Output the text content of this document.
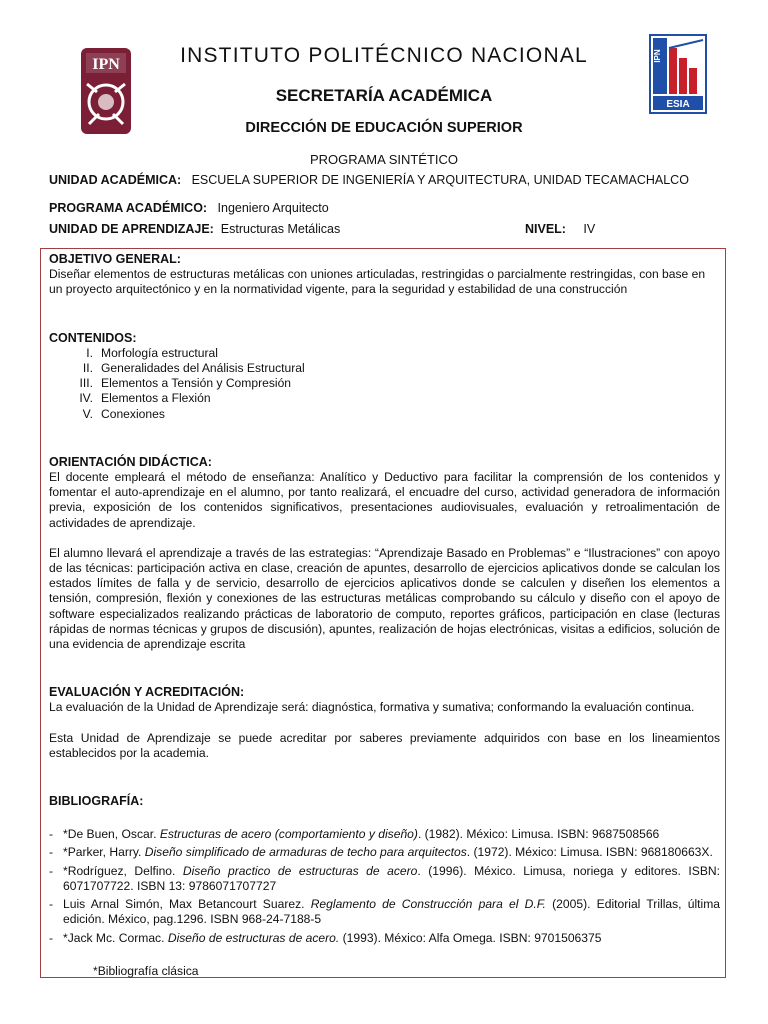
IPN	IPN
ESIA
INSTITUTO POLITÉCNICO NACIONAL
SECRETARÍA ACADÉMICA
DIRECCIÓN DE EDUCACIÓN SUPERIOR
PROGRAMA SINTÉTICO
UNIDAD ACADÉMICA: ESCUELA SUPERIOR DE INGENIERÍA Y ARQUITECTURA, UNIDAD TECAMACHALCO
PROGRAMA ACADÉMICO: Ingeniero Arquitecto
UNIDAD DE APRENDIZAJE: Estructuras Metálicas	NIVEL: IV
OBJETIVO GENERAL:
Diseñar elementos de estructuras metálicas con uniones articuladas, restringidas o parcialmente restringidas, con base en un proyecto arquitectónico y en la normatividad vigente, para la seguridad y estabilidad de una construcción
CONTENIDOS:
I. Morfología estructural
II. Generalidades del Análisis Estructural
III. Elementos a Tensión y Compresión
IV. Elementos a Flexión
V. Conexiones
ORIENTACIÓN DIDÁCTICA:
El docente empleará el método de enseñanza: Analítico y Deductivo para facilitar la comprensión de los contenidos y fomentar el auto-aprendizaje en el alumno, por tanto realizará, el encuadre del curso, actividad generadora de información previa, exposición de los contenidos significativos, presentaciones audiovisuales, evaluación y retroalimentación de actividades de aprendizaje.
El alumno llevará el aprendizaje a través de las estrategias: “Aprendizaje Basado en Problemas” e “Ilustraciones” con apoyo de las técnicas: participación activa en clase, creación de apuntes, desarrollo de ejercicios aplicativos donde se calculan los estados límites de falla y de servicio, desarrollo de ejercicios aplicativos donde se calculen y diseñen los elementos a tensión, compresión, flexión y conexiones de las estructuras metálicas comprobando su cálculo y diseño con el apoyo de software especializados realizando prácticas de laboratorio de computo, reportes gráficos, participación en clase (lecturas rápidas de normas técnicas y grupos de discusión), apuntes, realización de hojas electrónicas, visitas a edificios, solución de una evidencia de aprendizaje escrita
EVALUACIÓN Y ACREDITACIÓN:
La evaluación de la Unidad de Aprendizaje será: diagnóstica, formativa y sumativa; conformando la evaluación continua.
Esta Unidad de Aprendizaje se puede acreditar por saberes previamente adquiridos con base en los lineamientos establecidos por la academia.
BIBLIOGRAFÍA:
- *De Buen, Oscar. Estructuras de acero (comportamiento y diseño). (1982). México: Limusa. ISBN: 9687508566
- *Parker, Harry. Diseño simplificado de armaduras de techo para arquitectos. (1972). México: Limusa. ISBN: 968180663X.
- *Rodríguez, Delfino. Diseño practico de estructuras de acero. (1996). México. Limusa, noriega y editores. ISBN: 6071707722. ISBN 13: 9786071707727
- Luis Arnal Simón, Max Betancourt Suarez. Reglamento de Construcción para el D.F. (2005). Editorial Trillas, última edición. México, pag.1296. ISBN 968-24-7188-5
- *Jack Mc. Cormac. Diseño de estructuras de acero. (1993). México: Alfa Omega. ISBN: 9701506375
*Bibliografía clásica
